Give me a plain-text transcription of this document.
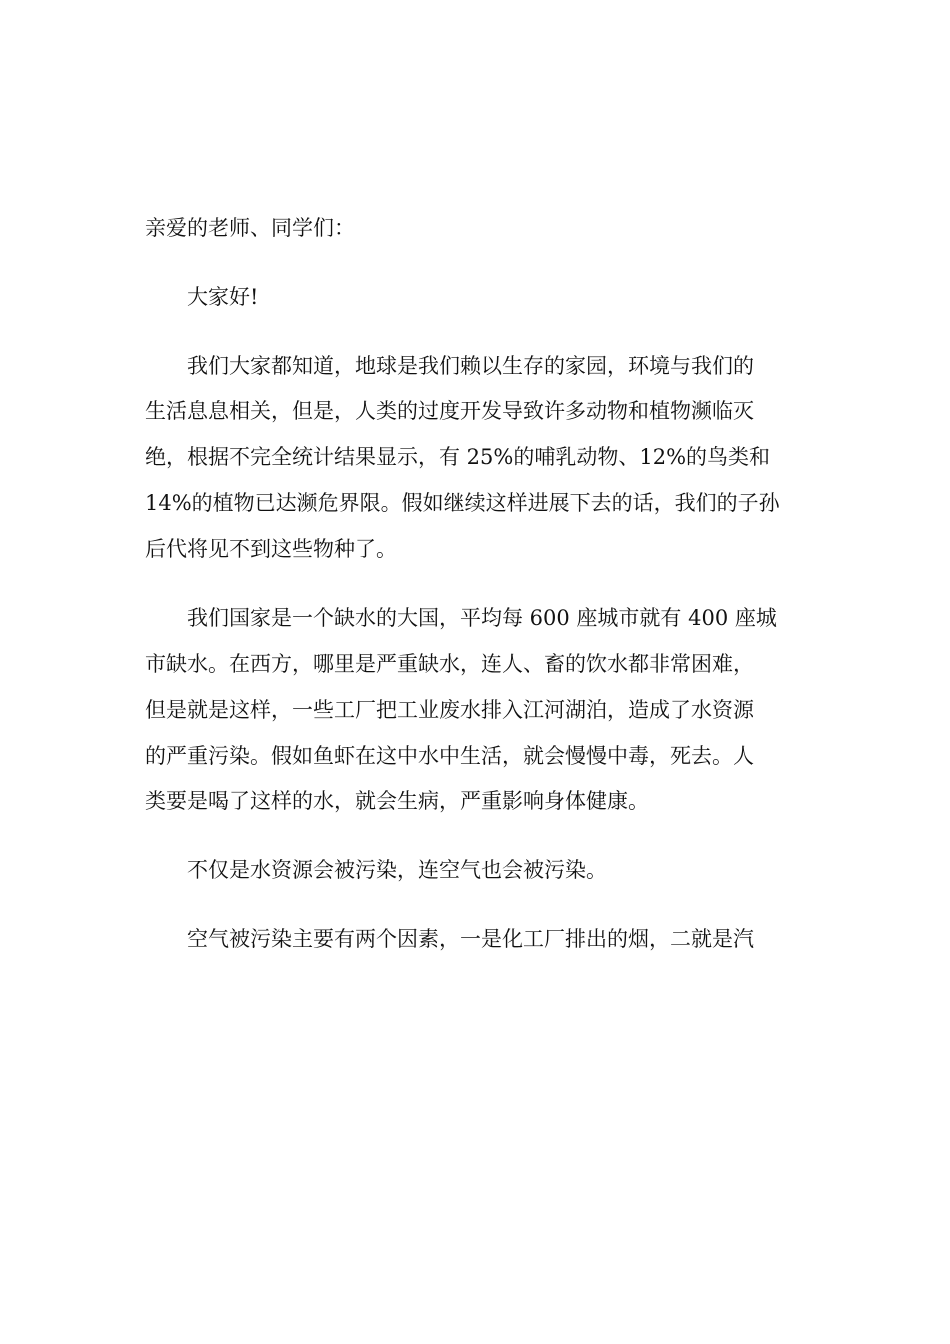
亲爱的老师、同学们：
大家好!
我们大家都知道，地球是我们赖以生存的家园，环境与我们的
生活息息相关，但是，人类的过度开发导致许多动物和植物濒临灭
绝，根据不完全统计结果显示，有 25%的哺乳动物、12%的鸟类和
14%的植物已达濒危界限。假如继续这样进展下去的话，我们的子孙
后代将见不到这些物种了。
我们国家是一个缺水的大国，平均每 600 座城市就有 400 座城
市缺水。在西方，哪里是严重缺水，连人、畜的饮水都非常困难，
但是就是这样，一些工厂把工业废水排入江河湖泊，造成了水资源
的严重污染。假如鱼虾在这中水中生活，就会慢慢中毒，死去。人
类要是喝了这样的水，就会生病，严重影响身体健康。
不仅是水资源会被污染，连空气也会被污染。
空气被污染主要有两个因素，一是化工厂排出的烟，二就是汽
